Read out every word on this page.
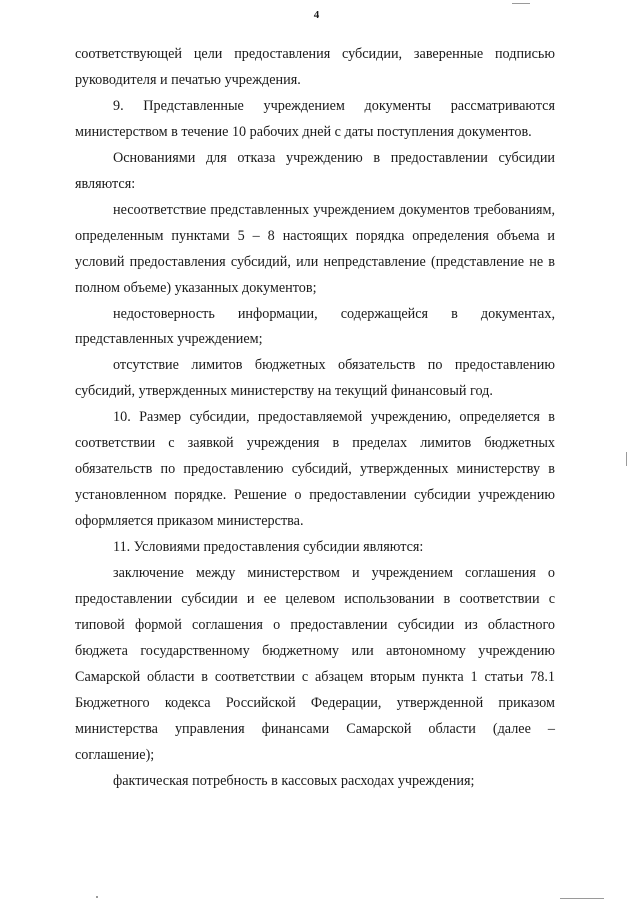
4

соответствующей цели предоставления субсидии, заверенные подписью руководителя и печатью учреждения.

9. Представленные учреждением документы рассматриваются министерством в течение 10 рабочих дней с даты поступления документов.

Основаниями для отказа учреждению в предоставлении субсидии являются:

несоответствие представленных учреждением документов требованиям, определенным пунктами 5 – 8 настоящих порядка определения объема и условий предоставления субсидий, или непредставление (представление не в полном объеме) указанных документов;

недостоверность информации, содержащейся в документах, представленных учреждением;

отсутствие лимитов бюджетных обязательств по предоставлению субсидий, утвержденных министерству на текущий финансовый год.

10. Размер субсидии, предоставляемой учреждению, определяется в соответствии с заявкой учреждения в пределах лимитов бюджетных обязательств по предоставлению субсидий, утвержденных министерству в установленном порядке. Решение о предоставлении субсидии учреждению оформляется приказом министерства.

11. Условиями предоставления субсидии являются:

заключение между министерством и учреждением соглашения о предоставлении субсидии и ее целевом использовании в соответствии с типовой формой соглашения о предоставлении субсидии из областного бюджета государственному бюджетному или автономному учреждению Самарской области в соответствии с абзацем вторым пункта 1 статьи 78.1 Бюджетного кодекса Российской Федерации, утвержденной приказом министерства управления финансами Самарской области (далее – соглашение);

фактическая потребность в кассовых расходах учреждения;
